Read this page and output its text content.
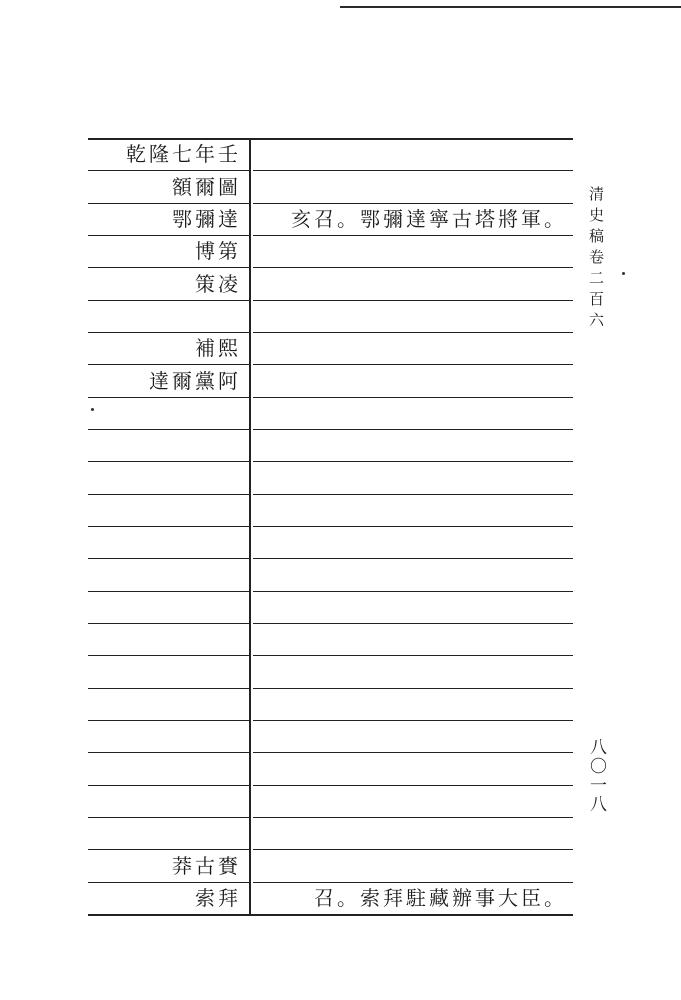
乾隆七年壬
額爾圖
鄂彌達	亥召。鄂彌達寧古塔將軍。
博第
策凌
補熙
達爾黨阿
莽古賚
索拜	召。索拜駐藏辦事大臣。
清史稿卷二百六
八〇一八
